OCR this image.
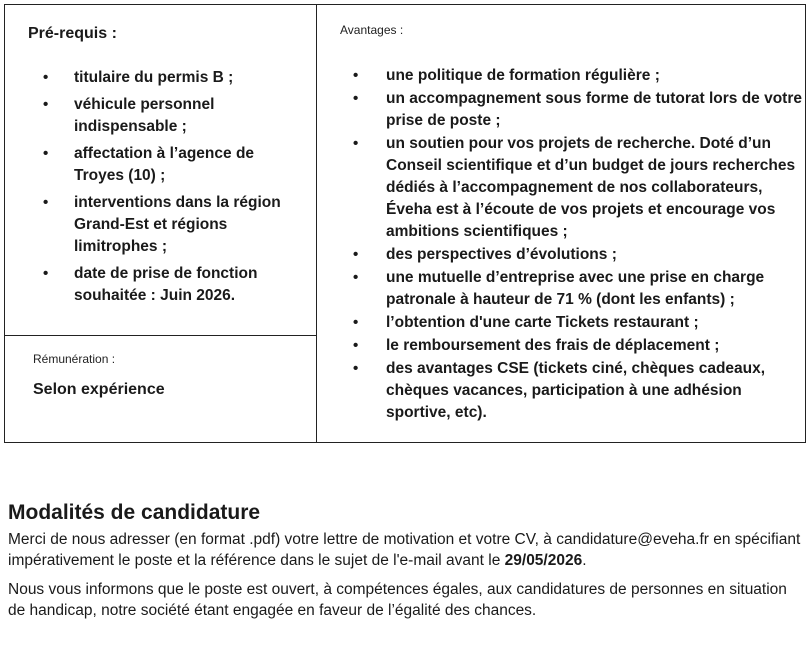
Pré-requis :
• titulaire du permis B ;
• véhicule personnel indispensable ;
• affectation à l’agence de Troyes (10) ;
• interventions dans la région Grand-Est et régions limitrophes ;
• date de prise de fonction souhaitée : Juin 2026.
Rémunération :
Selon expérience
Avantages :
• une politique de formation régulière ;
• un accompagnement sous forme de tutorat lors de votre prise de poste ;
• un soutien pour vos projets de recherche. Doté d’un Conseil scientifique et d’un budget de jours recherches dédiés à l’accompagnement de nos collaborateurs, Éveha est à l’écoute de vos projets et encourage vos ambitions scientifiques ;
• des perspectives d’évolutions ;
• une mutuelle d’entreprise avec une prise en charge patronale à hauteur de 71 % (dont les enfants) ;
• l’obtention d'une carte Tickets restaurant ;
• le remboursement des frais de déplacement ;
• des avantages CSE (tickets ciné, chèques cadeaux, chèques vacances, participation à une adhésion sportive, etc).
Modalités de candidature

Merci de nous adresser (en format .pdf) votre lettre de motivation et votre CV, à candidature@eveha.fr en spécifiant impérativement le poste et la référence dans le sujet de l'e-mail avant le 29/05/2026.

Nous vous informons que le poste est ouvert, à compétences égales, aux candidatures de personnes en situation de handicap, notre société étant engagée en faveur de l’égalité des chances.
